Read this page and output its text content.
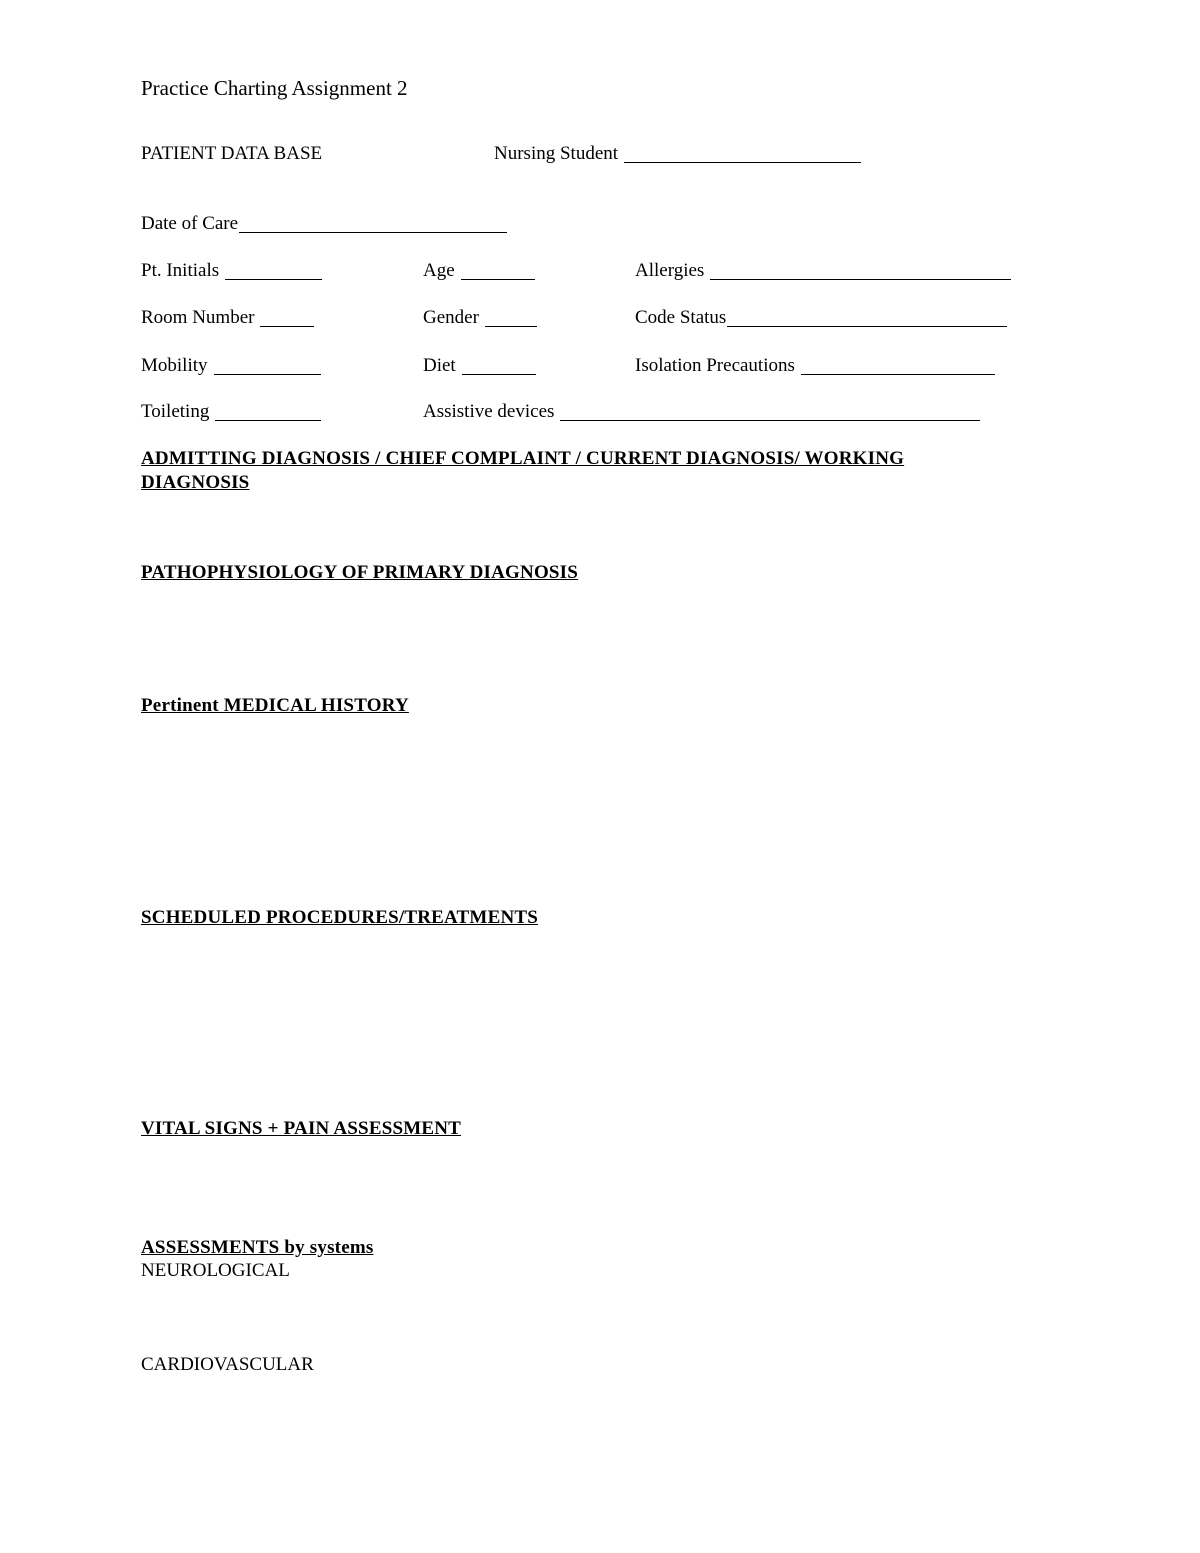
Practice Charting Assignment 2
PATIENT DATA BASE	Nursing Student
Date of Care
Pt. Initials	Age	Allergies
Room Number	Gender	Code Status
Mobility	Diet	Isolation Precautions
Toileting	Assistive devices
ADMITTING DIAGNOSIS / CHIEF COMPLAINT / CURRENT DIAGNOSIS/ WORKING DIAGNOSIS
PATHOPHYSIOLOGY OF PRIMARY DIAGNOSIS
Pertinent MEDICAL HISTORY
SCHEDULED PROCEDURES/TREATMENTS
VITAL SIGNS + PAIN ASSESSMENT
ASSESSMENTS by systems
NEUROLOGICAL
CARDIOVASCULAR
